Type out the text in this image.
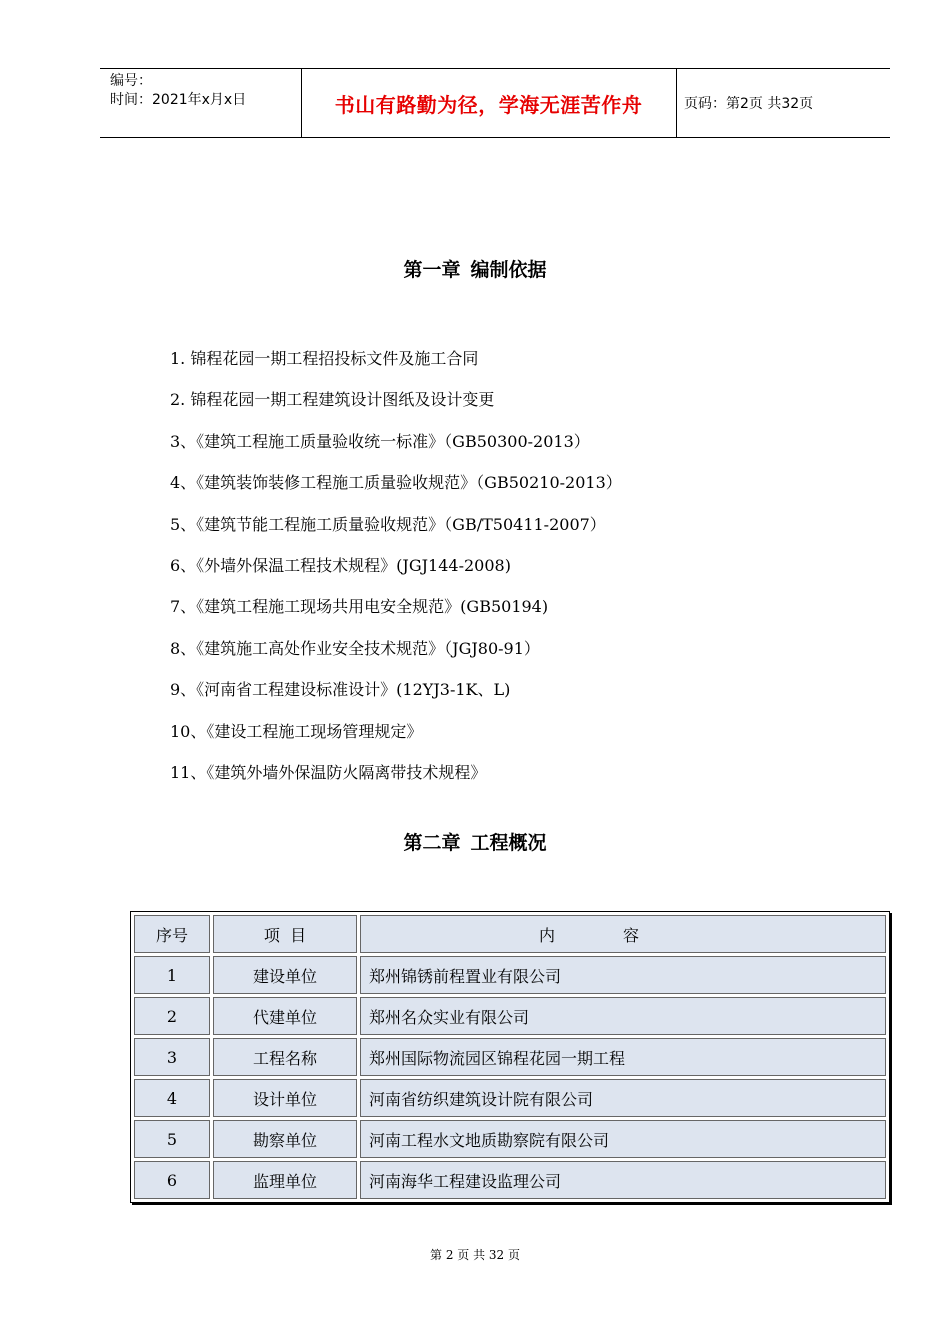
编号：
时间：2021年x月x日	书山有路勤为径，学海无涯苦作舟	页码：第2页 共32页
第一章 编制依据
1. 锦程花园一期工程招投标文件及施工合同
2. 锦程花园一期工程建筑设计图纸及设计变更
3、《建筑工程施工质量验收统一标准》（GB50300-2013）
4、《建筑装饰装修工程施工质量验收规范》（GB50210-2013）
5、《建筑节能工程施工质量验收规范》（GB/T50411-2007）
6、《外墙外保温工程技术规程》(JGJ144-2008)
7、《建筑工程施工现场共用电安全规范》(GB50194)
8、《建筑施工高处作业安全技术规范》（JGJ80-91）
9、《河南省工程建设标准设计》(12YJ3-1K、L)
10、《建设工程施工现场管理规定》
11、《建筑外墙外保温防火隔离带技术规程》
第二章 工程概况
序号	项  目	内容
1	建设单位	郑州锦锈前程置业有限公司
2	代建单位	郑州名众实业有限公司
3	工程名称	郑州国际物流园区锦程花园一期工程
4	设计单位	河南省纺织建筑设计院有限公司
5	勘察单位	河南工程水文地质勘察院有限公司
6	监理单位	河南海华工程建设监理公司
第 2 页 共 32 页
